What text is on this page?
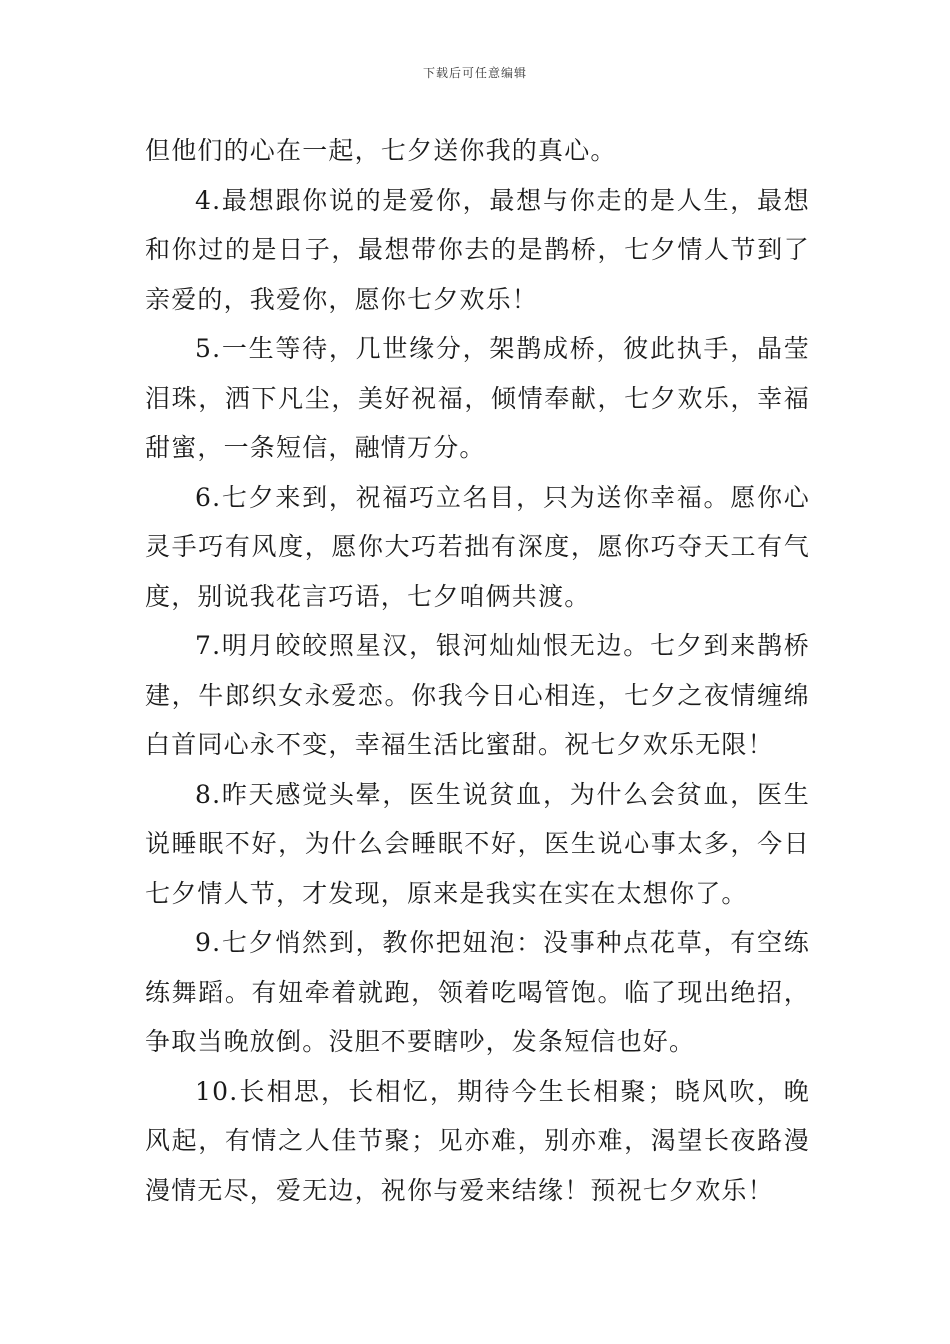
下载后可任意编辑

但他们的心在一起，七夕送你我的真心。

4.最想跟你说的是爱你，最想与你走的是人生，最想和你过的是日子，最想带你去的是鹊桥，七夕情人节到了亲爱的，我爱你，愿你七夕欢乐！

5.一生等待，几世缘分，架鹊成桥，彼此执手，晶莹泪珠，洒下凡尘，美好祝福，倾情奉献，七夕欢乐，幸福甜蜜，一条短信，融情万分。

6.七夕来到，祝福巧立名目，只为送你幸福。愿你心灵手巧有风度，愿你大巧若拙有深度，愿你巧夺天工有气度，别说我花言巧语，七夕咱俩共渡。

7.明月皎皎照星汉，银河灿灿恨无边。七夕到来鹊桥建，牛郎织女永爱恋。你我今日心相连，七夕之夜情缠绵白首同心永不变，幸福生活比蜜甜。祝七夕欢乐无限！

8.昨天感觉头晕，医生说贫血，为什么会贫血，医生说睡眠不好，为什么会睡眠不好，医生说心事太多，今日七夕情人节，才发现，原来是我实在实在太想你了。

9.七夕悄然到，教你把妞泡：没事种点花草，有空练练舞蹈。有妞牵着就跑，领着吃喝管饱。临了现出绝招，争取当晚放倒。没胆不要瞎吵，发条短信也好。

10.长相思，长相忆，期待今生长相聚；晓风吹，晚风起，有情之人佳节聚；见亦难，别亦难，渴望长夜路漫漫情无尽，爱无边，祝你与爱来结缘！预祝七夕欢乐！
